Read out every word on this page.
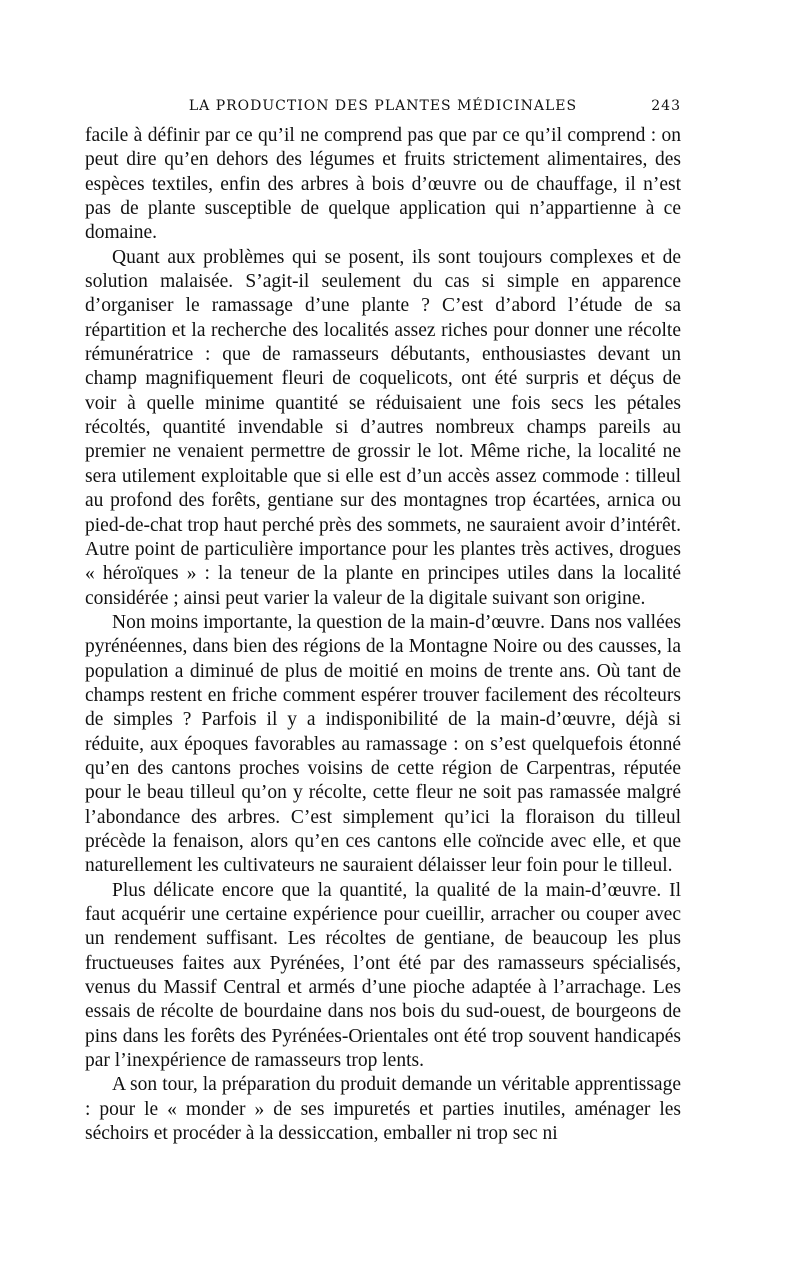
LA PRODUCTION DES PLANTES MÉDICINALES	243

facile à définir par ce qu’il ne comprend pas que par ce qu’il comprend : on peut dire qu’en dehors des légumes et fruits strictement alimentaires, des espèces textiles, enfin des arbres à bois d’œuvre ou de chauffage, il n’est pas de plante susceptible de quelque application qui n’appartienne à ce domaine.

Quant aux problèmes qui se posent, ils sont toujours complexes et de solution malaisée. S’agit-il seulement du cas si simple en apparence d’organiser le ramassage d’une plante ? C’est d’abord l’étude de sa répartition et la recherche des localités assez riches pour donner une récolte rémunératrice : que de ramasseurs débutants, enthousiastes devant un champ magnifiquement fleuri de coquelicots, ont été surpris et déçus de voir à quelle minime quantité se réduisaient une fois secs les pétales récoltés, quantité invendable si d’autres nombreux champs pareils au premier ne venaient permettre de grossir le lot. Même riche, la localité ne sera utilement exploitable que si elle est d’un accès assez commode : tilleul au profond des forêts, gentiane sur des montagnes trop écartées, arnica ou pied-de-chat trop haut perché près des sommets, ne sauraient avoir d’intérêt. Autre point de particulière importance pour les plantes très actives, drogues « héroïques » : la teneur de la plante en principes utiles dans la localité considérée ; ainsi peut varier la valeur de la digitale suivant son origine.

Non moins importante, la question de la main-d’œuvre. Dans nos vallées pyrénéennes, dans bien des régions de la Montagne Noire ou des causses, la population a diminué de plus de moitié en moins de trente ans. Où tant de champs restent en friche comment espérer trouver facilement des récolteurs de simples ? Parfois il y a indisponibilité de la main-d’œuvre, déjà si réduite, aux époques favorables au ramassage : on s’est quelquefois étonné qu’en des cantons proches voisins de cette région de Carpentras, réputée pour le beau tilleul qu’on y récolte, cette fleur ne soit pas ramassée malgré l’abondance des arbres. C’est simplement qu’ici la floraison du tilleul précède la fenaison, alors qu’en ces cantons elle coïncide avec elle, et que naturellement les cultivateurs ne sauraient délaisser leur foin pour le tilleul.

Plus délicate encore que la quantité, la qualité de la main-d’œuvre. Il faut acquérir une certaine expérience pour cueillir, arracher ou couper avec un rendement suffisant. Les récoltes de gentiane, de beaucoup les plus fructueuses faites aux Pyrénées, l’ont été par des ramasseurs spécialisés, venus du Massif Central et armés d’une pioche adaptée à l’arrachage. Les essais de récolte de bourdaine dans nos bois du sud-ouest, de bourgeons de pins dans les forêts des Pyrénées-Orientales ont été trop souvent handicapés par l’inexpérience de ramasseurs trop lents.

A son tour, la préparation du produit demande un véritable apprentissage : pour le « monder » de ses impuretés et parties inutiles, aménager les séchoirs et procéder à la dessiccation, emballer ni trop sec ni
